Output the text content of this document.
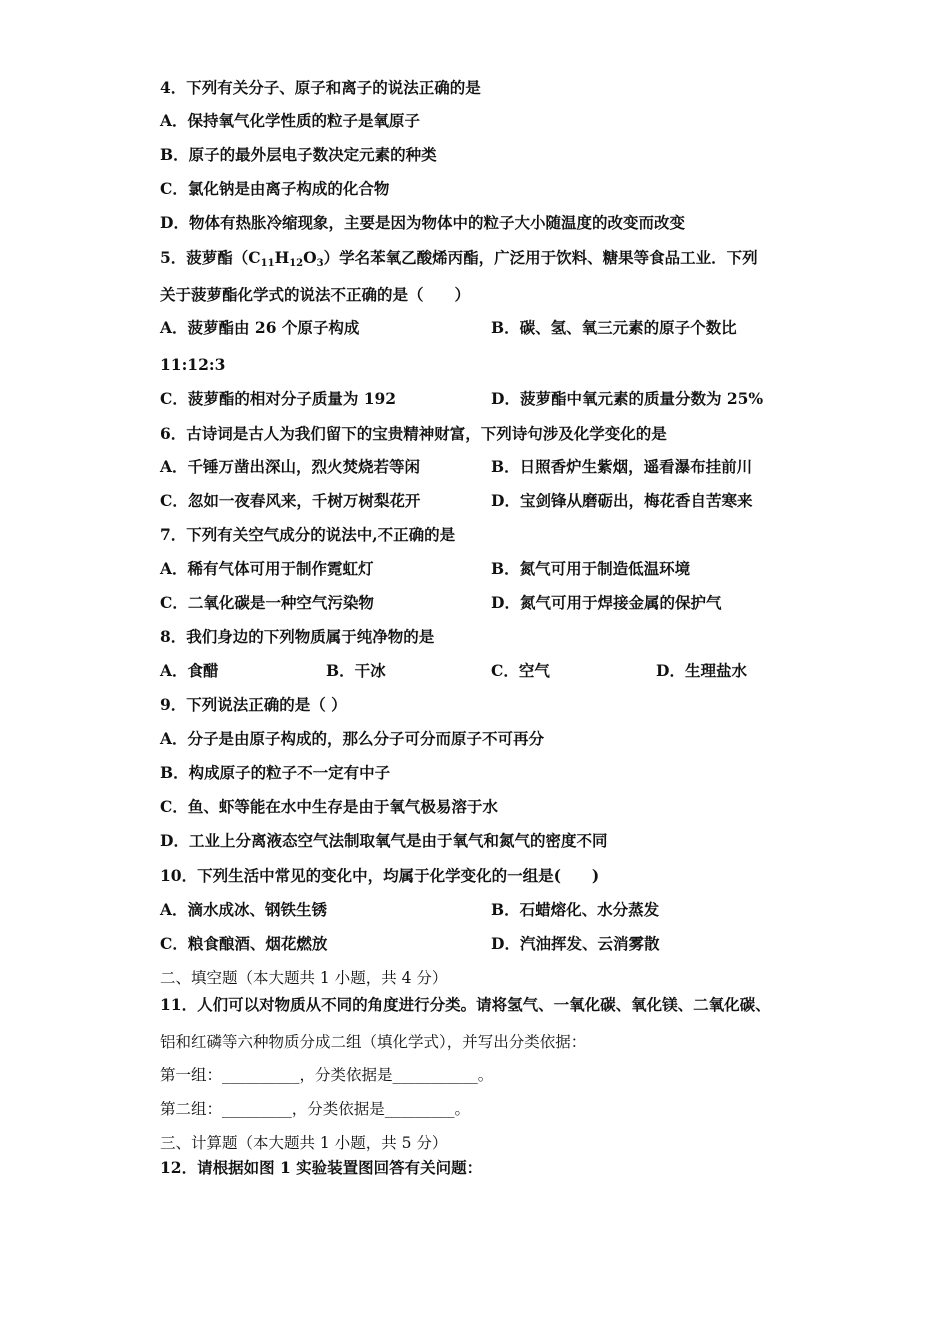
4．下列有关分子、原子和离子的说法正确的是
A．保持氧气化学性质的粒子是氧原子
B．原子的最外层电子数决定元素的种类
C．氯化钠是由离子构成的化合物
D．物体有热胀冷缩现象，主要是因为物体中的粒子大小随温度的改变而改变
5．菠萝酯$(C_{11}H_{12}O_3)$学名苯氧乙酸烯丙酯，广泛用于饮料、糖果等食品工业．下列
关于菠萝酯化学式的说法不正确的是（　　）
A．菠萝酯由 26 个原子构成	B．碳、氢、氧三元素的原子个数比
11:12:3
C．菠萝酯的相对分子质量为 192	D．菠萝酯中氧元素的质量分数为 25%
6．古诗词是古人为我们留下的宝贵精神财富，下列诗句涉及化学变化的是
A．千锤万凿出深山，烈火焚烧若等闲	B．日照香炉生紫烟，遥看瀑布挂前川
C．忽如一夜春风来，千树万树梨花开	D．宝剑锋从磨砺出，梅花香自苦寒来
7．下列有关空气成分的说法中,不正确的是
A．稀有气体可用于制作霓虹灯	B．氮气可用于制造低温环境
C．二氧化碳是一种空气污染物	D．氮气可用于焊接金属的保护气
8．我们身边的下列物质属于纯净物的是
A．食醋	B．干冰	C．空气	D．生理盐水
9．下列说法正确的是（ ）
A．分子是由原子构成的，那么分子可分而原子不可再分
B．构成原子的粒子不一定有中子
C．鱼、虾等能在水中生存是由于氧气极易溶于水
D．工业上分离液态空气法制取氧气是由于氧气和氮气的密度不同
10．下列生活中常见的变化中，均属于化学变化的一组是(　　)
A．滴水成冰、钢铁生锈	B．石蜡熔化、水分蒸发
C．粮食酿酒、烟花燃放	D．汽油挥发、云消雾散
二、填空题（本大题共 1 小题，共 4 分）
11．人们可以对物质从不同的角度进行分类。请将氢气、一氧化碳、氧化镁、二氧化碳、
铝和红磷等六种物质分成二组（填化学式），并写出分类依据：
第一组：__________，分类依据是___________。
第二组：_________，分类依据是_________。
三、计算题（本大题共 1 小题，共 5 分）
12．请根据如图 1 实验装置图回答有关问题：
